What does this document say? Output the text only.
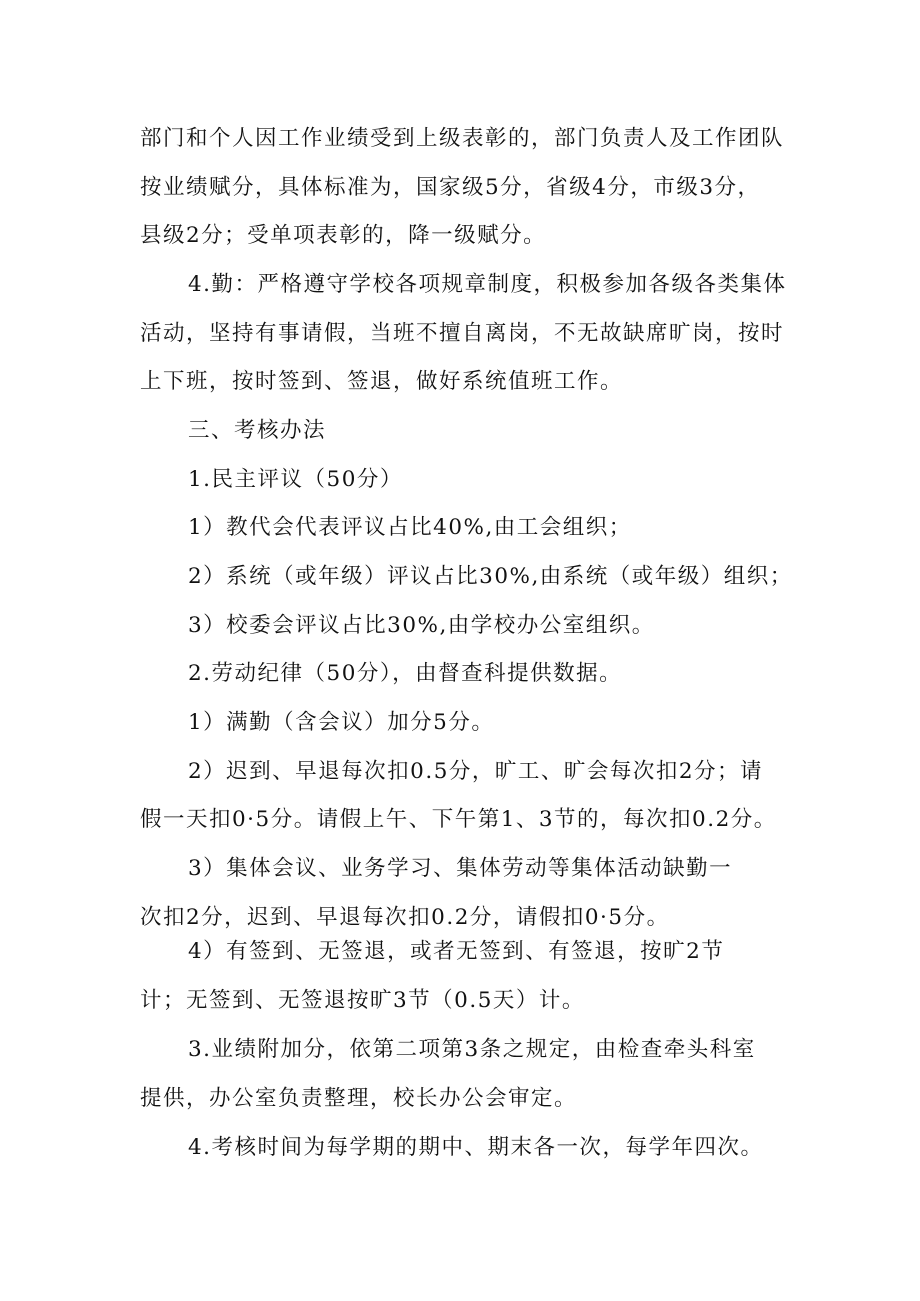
部门和个人因工作业绩受到上级表彰的，部门负责人及工作团队
按业绩赋分，具体标准为，国家级5分，省级4分，市级3分，
县级2分；受单项表彰的，降一级赋分。
4.勤：严格遵守学校各项规章制度，积极参加各级各类集体
活动，坚持有事请假，当班不擅自离岗，不无故缺席旷岗，按时
上下班，按时签到、签退，做好系统值班工作。
三、考核办法
1.民主评议（50分）
1）教代会代表评议占比40%,由工会组织；
2）系统（或年级）评议占比30%,由系统（或年级）组织；
3）校委会评议占比30%,由学校办公室组织。
2.劳动纪律（50分），由督查科提供数据。
1）满勤（含会议）加分5分。
2）迟到、早退每次扣0.5分，旷工、旷会每次扣2分；请
假一天扣0·5分。请假上午、下午第1、3节的，每次扣0.2分。
3）集体会议、业务学习、集体劳动等集体活动缺勤一
次扣2分，迟到、早退每次扣0.2分，请假扣0·5分。
4）有签到、无签退，或者无签到、有签退，按旷2节
计；无签到、无签退按旷3节（0.5天）计。
3.业绩附加分，依第二项第3条之规定，由检查牵头科室
提供，办公室负责整理，校长办公会审定。
4.考核时间为每学期的期中、期末各一次，每学年四次。
